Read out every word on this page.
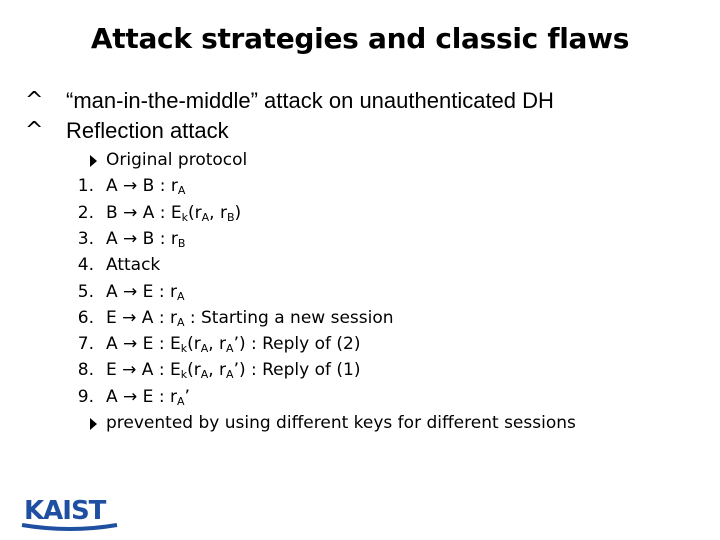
Attack strategies and classic flaws
^ “man-in-the-middle” attack on unauthenticated DH
^ Reflection attack
Original protocol
1. A → B : $r_A$
2. B → A : $E_k(r_A$, $r_B$)
3. A → B : $r_B$
4. Attack
5. A → E : $r_A$
6. E → A : $r_A$ : Starting a new session
7. A → E : $E_k(r_A$, $r_A$’) : Reply of (2)
8. E → A : $E_k(r_A$, $r_A$’) : Reply of (1)
9. A → E : $r_A$’
prevented by using different keys for different sessions
KAIST
